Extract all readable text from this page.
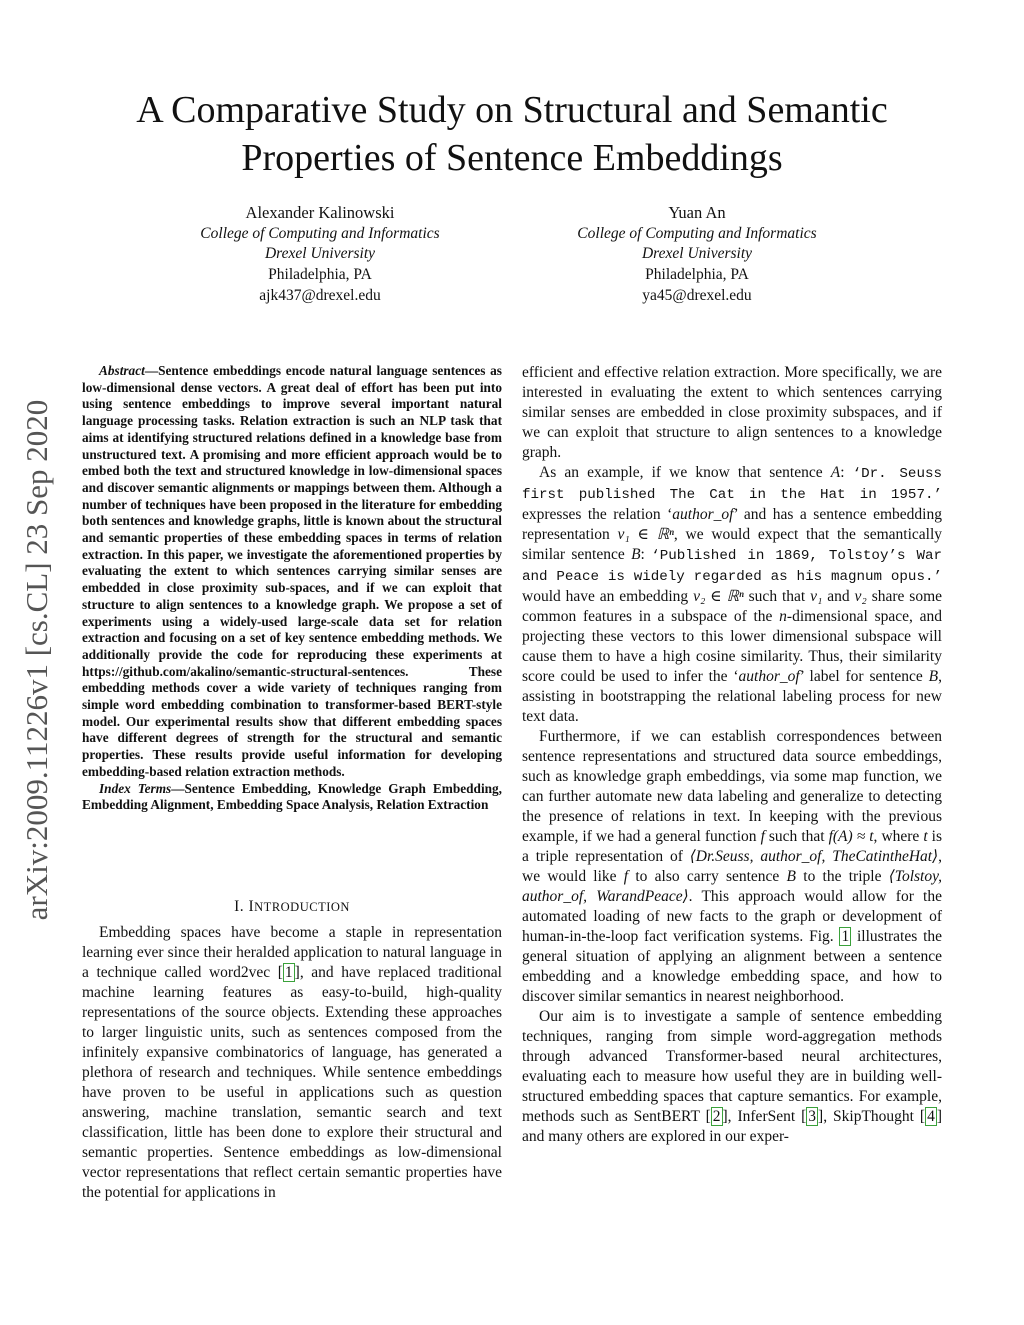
arXiv:2009.11226v1 [cs.CL] 23 Sep 2020
A Comparative Study on Structural and Semantic
Properties of Sentence Embeddings
Alexander Kalinowski
College of Computing and Informatics
Drexel University
Philadelphia, PA
ajk437@drexel.edu
Yuan An
College of Computing and Informatics
Drexel University
Philadelphia, PA
ya45@drexel.edu
Abstract—Sentence embeddings encode natural language sentences as low-dimensional dense vectors. A great deal of effort has been put into using sentence embeddings to improve several important natural language processing tasks. Relation extraction is such an NLP task that aims at identifying structured relations defined in a knowledge base from unstructured text. A promising and more efficient approach would be to embed both the text and structured knowledge in low-dimensional spaces and discover semantic alignments or mappings between them. Although a number of techniques have been proposed in the literature for embedding both sentences and knowledge graphs, little is known about the structural and semantic properties of these embedding spaces in terms of relation extraction. In this paper, we investigate the aforementioned properties by evaluating the extent to which sentences carrying similar senses are embedded in close proximity sub-spaces, and if we can exploit that structure to align sentences to a knowledge graph. We propose a set of experiments using a widely-used large-scale data set for relation extraction and focusing on a set of key sentence embedding methods. We additionally provide the code for reproducing these experiments at https://github.com/akalino/semantic-structural-sentences. These embedding methods cover a wide variety of techniques ranging from simple word embedding combination to transformer-based BERT-style model. Our experimental results show that different embedding spaces have different degrees of strength for the structural and semantic properties. These results provide useful information for developing embedding-based relation extraction methods.
Index Terms—Sentence Embedding, Knowledge Graph Embedding, Embedding Alignment, Embedding Space Analysis, Relation Extraction
I. INTRODUCTION

Embedding spaces have become a staple in representation learning ever since their heralded application to natural language in a technique called word2vec [ 1 ], and have replaced traditional machine learning features as easy-to-build, high-quality representations of the source objects. Extending these approaches to larger linguistic units, such as sentences composed from the infinitely expansive combinatorics of language, has generated a plethora of research and techniques. While sentence embeddings have proven to be useful in applications such as question answering, machine translation, semantic search and text classification, little has been done to explore their structural and semantic properties. Sentence embeddings as low-dimensional vector representations that reflect certain semantic properties have the potential for applications in

efficient and effective relation extraction. More specifically, we are interested in evaluating the extent to which sentences carrying similar senses are embedded in close proximity subspaces, and if we can exploit that structure to align sentences to a knowledge graph.

As an example, if we know that sentence A: ‘Dr. Seuss first published The Cat in the Hat in 1957.’ expresses the relation ‘author_of’ and has a sentence embedding representation v₁ ∈ ℝⁿ, we would expect that the semantically similar sentence B: ‘Published in 1869, Tolstoy’s War and Peace is widely regarded as his magnum opus.’ would have an embedding v₂ ∈ ℝⁿ such that v₁ and v₂ share some common features in a subspace of the n-dimensional space, and projecting these vectors to this lower dimensional subspace will cause them to have a high cosine similarity. Thus, their similarity score could be used to infer the ‘author_of’ label for sentence B, assisting in bootstrapping the relational labeling process for new text data.

Furthermore, if we can establish correspondences between sentence representations and structured data source embeddings, such as knowledge graph embeddings, via some map function, we can further automate new data labeling and generalize to detecting the presence of relations in text. In keeping with the previous example, if we had a general function f such that f(A) ≈ t, where t is a triple representation of ⟨Dr.Seuss, author_of, TheCatintheHat⟩, we would like f to also carry sentence B to the triple ⟨Tolstoy, author_of, WarandPeace⟩. This approach would allow for the automated loading of new facts to the graph or development of human-in-the-loop fact verification systems. Fig. 1 illustrates the general situation of applying an alignment between a sentence embedding and a knowledge embedding space, and how to discover similar semantics in nearest neighborhood.

Our aim is to investigate a sample of sentence embedding techniques, ranging from simple word-aggregation methods through advanced Transformer-based neural architectures, evaluating each to measure how useful they are in building well-structured embedding spaces that capture semantics. For example, methods such as SentBERT [ 2 ], InferSent [ 3 ], SkipThought [ 4 ] and many others are explored in our exper-
